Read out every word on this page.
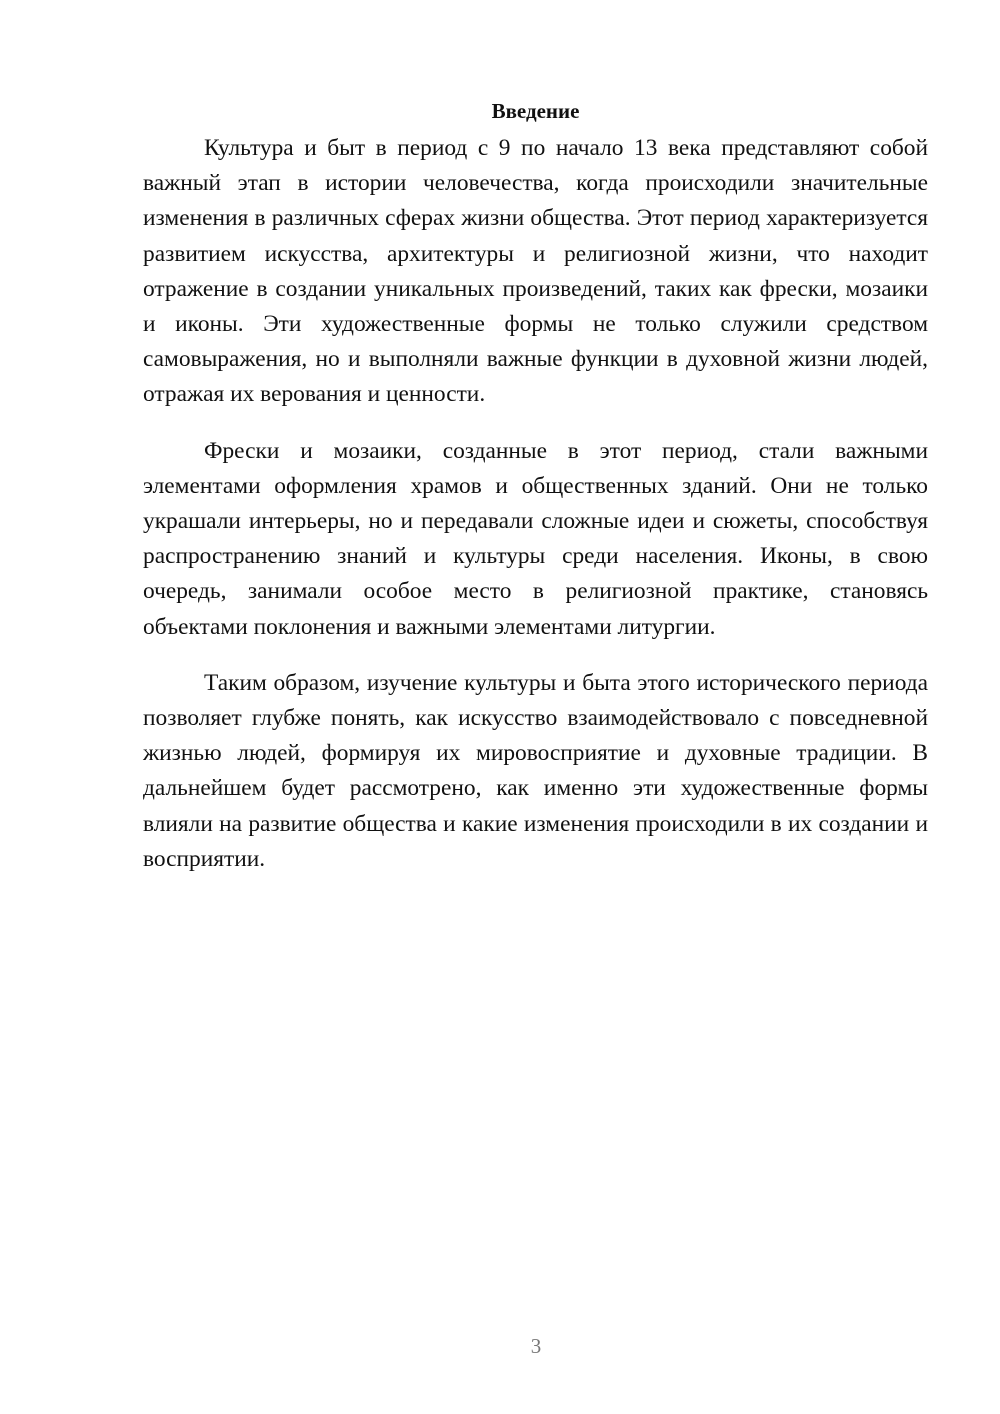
Введение

Культура и быт в период с 9 по начало 13 века представляют собой важный этап в истории человечества, когда происходили значительные изменения в различных сферах жизни общества. Этот период характеризуется развитием искусства, архитектуры и религиозной жизни, что находит отражение в создании уникальных произведений, таких как фрески, мозаики и иконы. Эти художественные формы не только служили средством самовыражения, но и выполняли важные функции в духовной жизни людей, отражая их верования и ценности.

Фрески и мозаики, созданные в этот период, стали важными элементами оформления храмов и общественных зданий. Они не только украшали интерьеры, но и передавали сложные идеи и сюжеты, способствуя распространению знаний и культуры среди населения. Иконы, в свою очередь, занимали особое место в религиозной практике, становясь объектами поклонения и важными элементами литургии.

Таким образом, изучение культуры и быта этого исторического периода позволяет глубже понять, как искусство взаимодействовало с повседневной жизнью людей, формируя их мировосприятие и духовные традиции. В дальнейшем будет рассмотрено, как именно эти художественные формы влияли на развитие общества и какие изменения происходили в их создании и восприятии.

3
